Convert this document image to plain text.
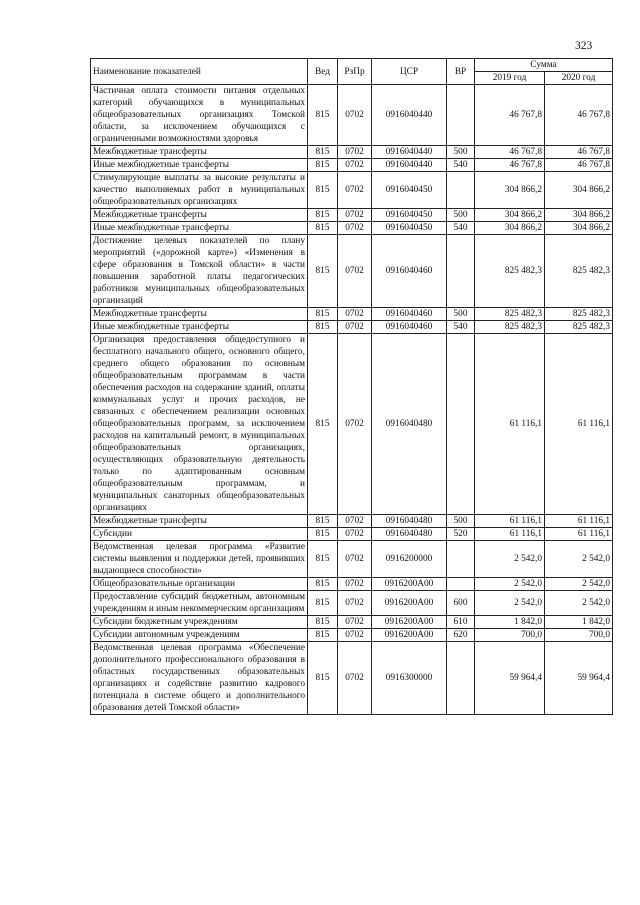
323
Наименование показателей	Вед	РзПр	ЦСР	ВР	Сумма	
					2019 год	2020 год
Частичная оплата стоимости питания отдельных категорий обучающихся в муниципальных общеобразовательных организациях Томской области, за исключением обучающихся с ограниченными возможностями здоровья	815	0702	0916040440		46 767,8	46 767,8
Межбюджетные трансферты	815	0702	0916040440	500	46 767,8	46 767,8
Иные межбюджетные трансферты	815	0702	0916040440	540	46 767,8	46 767,8
Стимулирующие выплаты за высокие результаты и качество выполняемых работ в муниципальных общеобразовательных организациях	815	0702	0916040450		304 866,2	304 866,2
Межбюджетные трансферты	815	0702	0916040450	500	304 866,2	304 866,2
Иные межбюджетные трансферты	815	0702	0916040450	540	304 866,2	304 866,2
Достижение целевых показателей по плану мероприятий («дорожной карте») «Изменения в сфере образования в Томской области» в части повышения заработной платы педагогических работников муниципальных общеобразовательных организаций	815	0702	0916040460		825 482,3	825 482,3
Межбюджетные трансферты	815	0702	0916040460	500	825 482,3	825 482,3
Иные межбюджетные трансферты	815	0702	0916040460	540	825 482,3	825 482,3
Организация предоставления общедоступного и бесплатного начального общего, основного общего, среднего общего образования по основным общеобразовательным программам в части обеспечения расходов на содержание зданий, оплаты коммунальных услуг и прочих расходов, не связанных с обеспечением реализации основных общеобразовательных программ, за исключением расходов на капитальный ремонт, в муниципальных общеобразовательных организациях, осуществляющих образовательную деятельность только по адаптированным основным общеобразовательным программам, и муниципальных санаторных общеобразовательных организациях	815	0702	0916040480		61 116,1	61 116,1
Межбюджетные трансферты	815	0702	0916040480	500	61 116,1	61 116,1
Субсидии	815	0702	0916040480	520	61 116,1	61 116,1
Ведомственная целевая программа «Развитие системы выявления и поддержки детей, проявивших выдающиеся способности»	815	0702	0916200000		2 542,0	2 542,0
Общеобразовательные организации	815	0702	0916200А00		2 542,0	2 542,0
Предоставление субсидий бюджетным, автономным учреждениям и иным некоммерческим организациям	815	0702	0916200А00	600	2 542,0	2 542,0
Субсидии бюджетным учреждениям	815	0702	0916200А00	610	1 842,0	1 842,0
Субсидии автономным учреждениям	815	0702	0916200А00	620	700,0	700,0
Ведомственная целевая программа «Обеспечение дополнительного профессионального образования в областных государственных образовательных организациях и содействие развитию кадрового потенциала в системе общего и дополнительного образования детей Томской области»	815	0702	0916300000		59 964,4	59 964,4
